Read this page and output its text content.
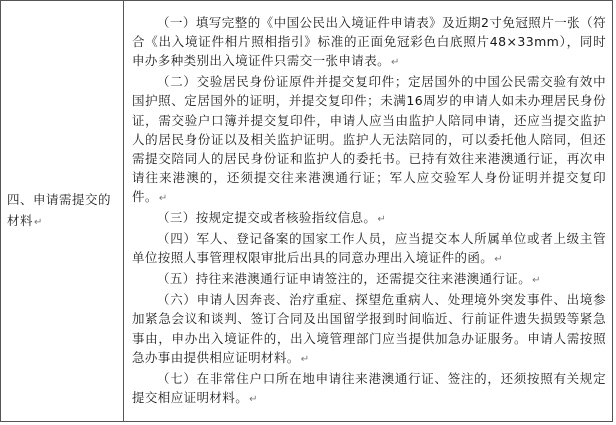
四、申请需提交的材料↵	

（一）填写完整的《中国公民出入境证件申请表》及近期2寸免冠照片一张（符合《出入境证件相片照相指引》标准的正面免冠彩色白底照片48×33mm），同时申办多种类别出入境证件只需交一张申请表。↵

（二）交验居民身份证原件并提交复印件；定居国外的中国公民需交验有效中国护照、定居国外的证明，并提交复印件；未满16周岁的申请人如未办理居民身份证，需交验户口簿并提交复印件，申请人应当由监护人陪同申请，还应当提交监护人的居民身份证以及相关监护证明。监护人无法陪同的，可以委托他人陪同，但还需提交陪同人的居民身份证和监护人的委托书。已持有效往来港澳通行证，再次申请往来港澳的，还须提交往来港澳通行证；军人应交验军人身份证明并提交复印件。↵

（三）按规定提交或者核验指纹信息。↵

（四）军人、登记备案的国家工作人员，应当提交本人所属单位或者上级主管单位按照人事管理权限审批后出具的同意办理出入境证件的函。↵

（五）持往来港澳通行证申请签注的，还需提交往来港澳通行证。↵

（六）申请人因奔丧、治疗重症、探望危重病人、处理境外突发事件、出境参加紧急会议和谈判、签订合同及出国留学报到时间临近、行前证件遗失损毁等紧急事由，申办出入境证件的，出入境管理部门应当提供加急办证服务。申请人需按照急办事由提供相应证明材料。↵

（七）在非常住户口所在地申请往来港澳通行证、签注的，还须按照有关规定提交相应证明材料。↵
